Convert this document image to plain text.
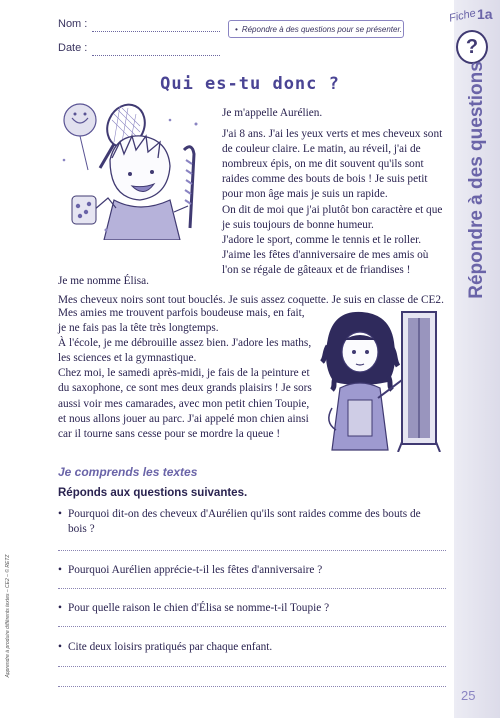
Nom :
Date :
• Répondre à des questions pour se présenter.
Fiche 1a
?
Répondre à des questions
Qui es-tu donc ?

Je m'appelle Aurélien.

J'ai 8 ans. J'ai les yeux verts et mes cheveux sont de couleur claire. Le matin, au réveil, j'ai de nombreux épis, on me dit souvent qu'ils sont raides comme des bouts de bois ! Je suis petit pour mon âge mais je suis un rapide.

On dit de moi que j'ai plutôt bon caractère et que je suis toujours de bonne humeur.

J'adore le sport, comme le tennis et le roller. J'aime les fêtes d'anniversaire de mes amis où l'on se régale de gâteaux et de friandises !

Je me nomme Élisa.

Mes cheveux noirs sont tout bouclés. Je suis assez coquette. Je suis en classe de CE2.

Mes amies me trouvent parfois boudeuse mais, en fait, je ne fais pas la tête très longtemps.

À l'école, je me débrouille assez bien. J'adore les maths, les sciences et la gymnastique.

Chez moi, le samedi après-midi, je fais de la peinture et du saxophone, ce sont mes deux grands plaisirs ! Je sors aussi voir mes camarades, avec mon petit chien Toupie, et nous allons jouer au parc. J'ai appelé mon chien ainsi car il tourne sans cesse pour se mordre la queue !

Je comprends les textes
Réponds aux questions suivantes.
• Pourquoi dit-on des cheveux d'Aurélien qu'ils sont raides comme des bouts de bois ?
• Pourquoi Aurélien apprécie-t-il les fêtes d'anniversaire ?
• Pour quelle raison le chien d'Élisa se nomme-t-il Toupie ?
• Cite deux loisirs pratiqués par chaque enfant.
25
Apprendre à produire différents textes – CE2 – © RETZ
